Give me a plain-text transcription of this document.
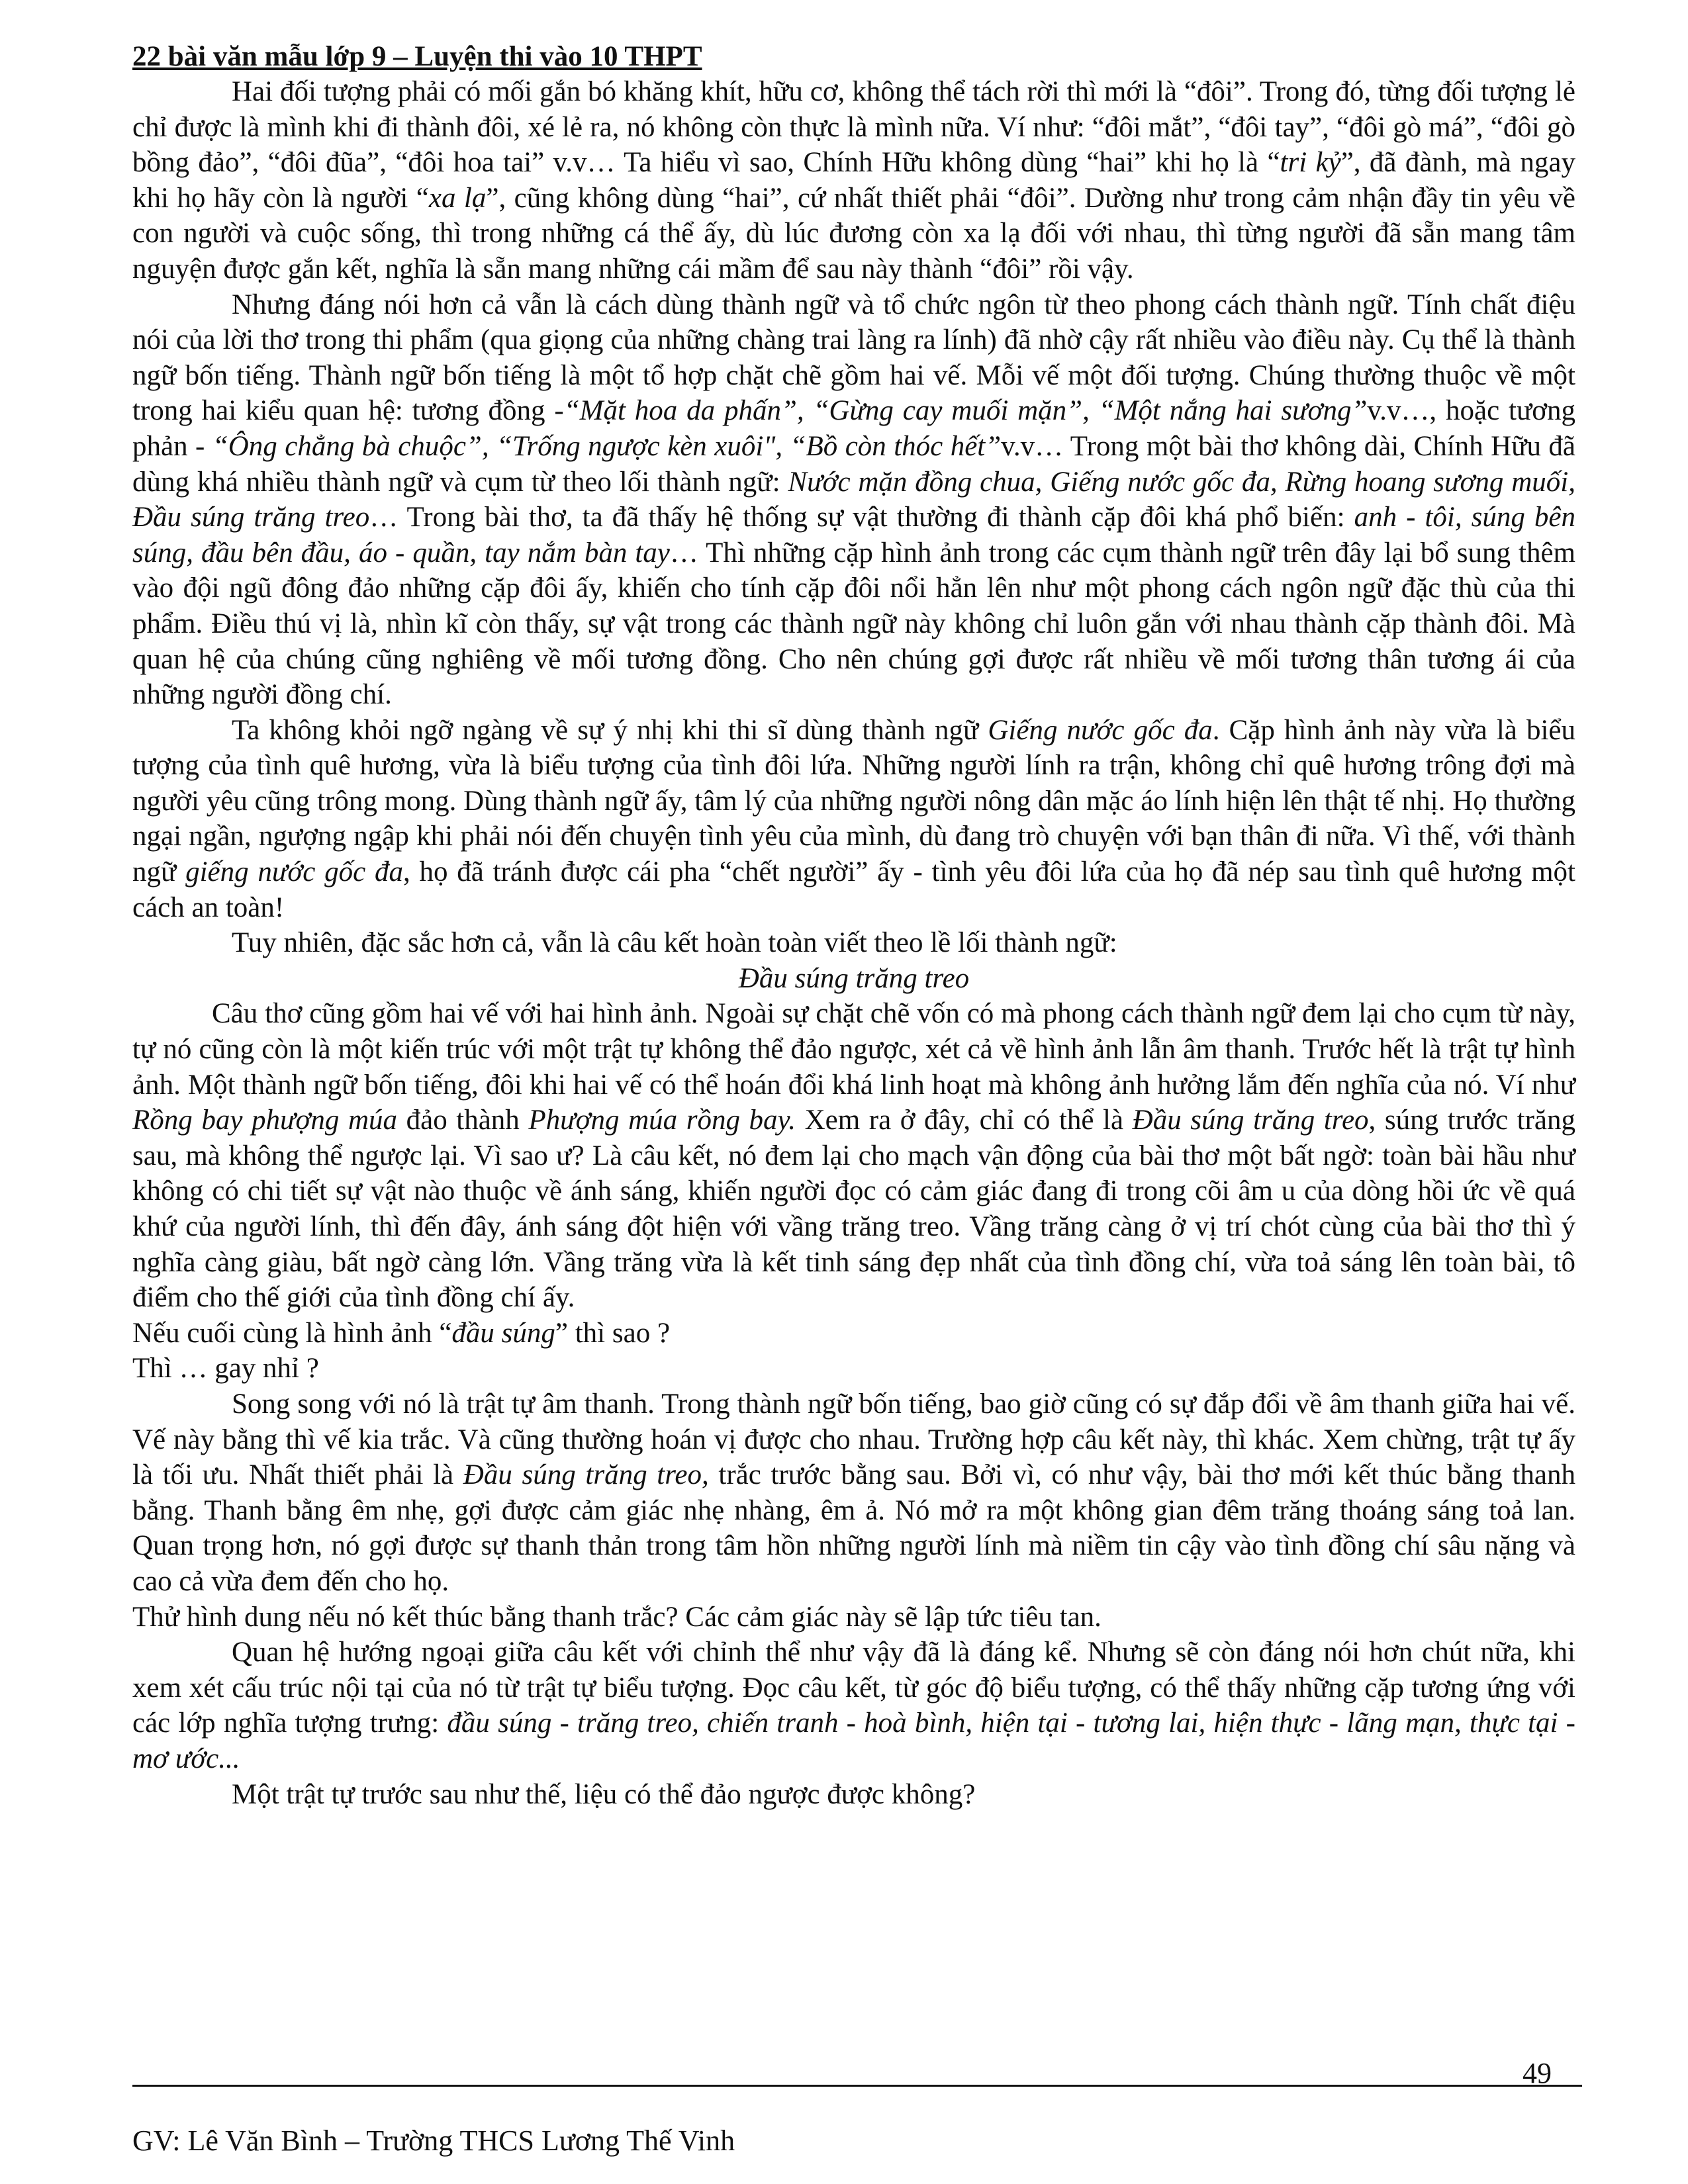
22 bài văn mẫu lớp 9 – Luyện thi vào 10 THPT

Hai đối tượng phải có mối gắn bó khăng khít, hữu cơ, không thể tách rời thì mới là “đôi”. Trong đó, từng đối tượng lẻ chỉ được là mình khi đi thành đôi, xé lẻ ra, nó không còn thực là mình nữa. Ví như: “đôi mắt”, “đôi tay”, “đôi gò má”, “đôi gò bồng đảo”, “đôi đũa”, “đôi hoa tai” v.v… Ta hiểu vì sao, Chính Hữu không dùng “hai” khi họ là “tri kỷ”, đã đành, mà ngay khi họ hãy còn là người “xa lạ”, cũng không dùng “hai”, cứ nhất thiết phải “đôi”. Dường như trong cảm nhận đầy tin yêu về con người và cuộc sống, thì trong những cá thể ấy, dù lúc đương còn xa lạ đối với nhau, thì từng người đã sẵn mang tâm nguyện được gắn kết, nghĩa là sẵn mang những cái mầm để sau này thành “đôi” rồi vậy.

Nhưng đáng nói hơn cả vẫn là cách dùng thành ngữ và tổ chức ngôn từ theo phong cách thành ngữ. Tính chất điệu nói của lời thơ trong thi phẩm (qua giọng của những chàng trai làng ra lính) đã nhờ cậy rất nhiều vào điều này. Cụ thể là thành ngữ bốn tiếng. Thành ngữ bốn tiếng là một tổ hợp chặt chẽ gồm hai vế. Mỗi vế một đối tượng. Chúng thường thuộc về một trong hai kiểu quan hệ: tương đồng -“Mặt hoa da phấn”, “Gừng cay muối mặn”, “Một nắng hai sương”v.v…, hoặc tương phản - “Ông chẳng bà chuộc”, “Trống ngược kèn xuôi", “Bồ còn thóc hết”v.v… Trong một bài thơ không dài, Chính Hữu đã dùng khá nhiều thành ngữ và cụm từ theo lối thành ngữ: Nước mặn đồng chua, Giếng nước gốc đa, Rừng hoang sương muối, Đầu súng trăng treo… Trong bài thơ, ta đã thấy hệ thống sự vật thường đi thành cặp đôi khá phổ biến: anh - tôi, súng bên súng, đầu bên đầu, áo - quần, tay nắm bàn tay… Thì những cặp hình ảnh trong các cụm thành ngữ trên đây lại bổ sung thêm vào đội ngũ đông đảo những cặp đôi ấy, khiến cho tính cặp đôi nổi hẳn lên như một phong cách ngôn ngữ đặc thù của thi phẩm. Điều thú vị là, nhìn kĩ còn thấy, sự vật trong các thành ngữ này không chỉ luôn gắn với nhau thành cặp thành đôi. Mà quan hệ của chúng cũng nghiêng về mối tương đồng. Cho nên chúng gợi được rất nhiều về mối tương thân tương ái của những người đồng chí.

Ta không khỏi ngỡ ngàng về sự ý nhị khi thi sĩ dùng thành ngữ Giếng nước gốc đa. Cặp hình ảnh này vừa là biểu tượng của tình quê hương, vừa là biểu tượng của tình đôi lứa. Những người lính ra trận, không chỉ quê hương trông đợi mà người yêu cũng trông mong. Dùng thành ngữ ấy, tâm lý của những người nông dân mặc áo lính hiện lên thật tế nhị. Họ thường ngại ngần, ngượng ngập khi phải nói đến chuyện tình yêu của mình, dù đang trò chuyện với bạn thân đi nữa. Vì thế, với thành ngữ giếng nước gốc đa, họ đã tránh được cái pha “chết người” ấy - tình yêu đôi lứa của họ đã nép sau tình quê hương một cách an toàn!

Tuy nhiên, đặc sắc hơn cả, vẫn là câu kết hoàn toàn viết theo lề lối thành ngữ:

Đầu súng trăng treo

Câu thơ cũng gồm hai vế với hai hình ảnh. Ngoài sự chặt chẽ vốn có mà phong cách thành ngữ đem lại cho cụm từ này, tự nó cũng còn là một kiến trúc với một trật tự không thể đảo ngược, xét cả về hình ảnh lẫn âm thanh. Trước hết là trật tự hình ảnh. Một thành ngữ bốn tiếng, đôi khi hai vế có thể hoán đổi khá linh hoạt mà không ảnh hưởng lắm đến nghĩa của nó. Ví như Rồng bay phượng múa đảo thành Phượng múa rồng bay. Xem ra ở đây, chỉ có thể là Đầu súng trăng treo, súng trước trăng sau, mà không thể ngược lại. Vì sao ư? Là câu kết, nó đem lại cho mạch vận động của bài thơ một bất ngờ: toàn bài hầu như không có chi tiết sự vật nào thuộc về ánh sáng, khiến người đọc có cảm giác đang đi trong cõi âm u của dòng hồi ức về quá khứ của người lính, thì đến đây, ánh sáng đột hiện với vầng trăng treo. Vầng trăng càng ở vị trí chót cùng của bài thơ thì ý nghĩa càng giàu, bất ngờ càng lớn. Vầng trăng vừa là kết tinh sáng đẹp nhất của tình đồng chí, vừa toả sáng lên toàn bài, tô điểm cho thế giới của tình đồng chí ấy.

Nếu cuối cùng là hình ảnh “đầu súng” thì sao ?

Thì … gay nhỉ ?

Song song với nó là trật tự âm thanh. Trong thành ngữ bốn tiếng, bao giờ cũng có sự đắp đổi về âm thanh giữa hai vế. Vế này bằng thì vế kia trắc. Và cũng thường hoán vị được cho nhau. Trường hợp câu kết này, thì khác. Xem chừng, trật tự ấy là tối ưu. Nhất thiết phải là Đầu súng trăng treo, trắc trước bằng sau. Bởi vì, có như vậy, bài thơ mới kết thúc bằng thanh bằng. Thanh bằng êm nhẹ, gợi được cảm giác nhẹ nhàng, êm ả. Nó mở ra một không gian đêm trăng thoáng sáng toả lan. Quan trọng hơn, nó gợi được sự thanh thản trong tâm hồn những người lính mà niềm tin cậy vào tình đồng chí sâu nặng và cao cả vừa đem đến cho họ.

Thử hình dung nếu nó kết thúc bằng thanh trắc? Các cảm giác này sẽ lập tức tiêu tan.

Quan hệ hướng ngoại giữa câu kết với chỉnh thể như vậy đã là đáng kể. Nhưng sẽ còn đáng nói hơn chút nữa, khi xem xét cấu trúc nội tại của nó từ trật tự biểu tượng. Đọc câu kết, từ góc độ biểu tượng, có thể thấy những cặp tương ứng với các lớp nghĩa tượng trưng: đầu súng - trăng treo, chiến tranh - hoà bình, hiện tại - tương lai, hiện thực - lãng mạn, thực tại - mơ ước...

Một trật tự trước sau như thế, liệu có thể đảo ngược được không?

49
GV: Lê Văn Bình – Trường THCS Lương Thế Vinh
